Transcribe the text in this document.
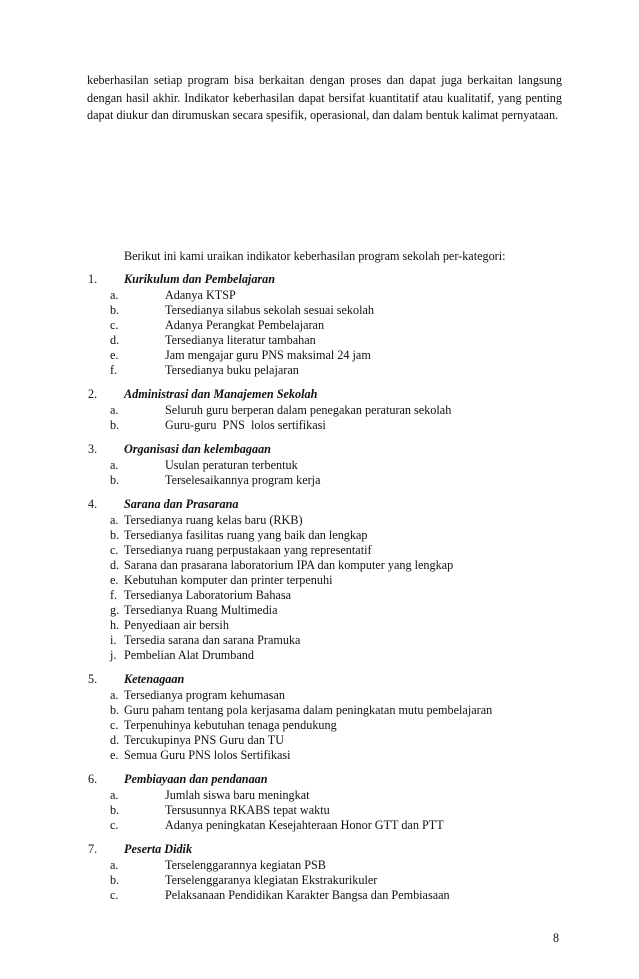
keberhasilan setiap program bisa berkaitan dengan proses dan dapat juga berkaitan langsung dengan hasil akhir. Indikator keberhasilan dapat bersifat kuantitatif atau kualitatif, yang penting dapat diukur dan dirumuskan secara spesifik, operasional, dan dalam bentuk kalimat pernyataan.

Berikut ini kami uraikan indikator keberhasilan program sekolah per-kategori:

1. Kurikulum dan Pembelajaran
a.	Adanya KTSP
b.	Tersedianya silabus sekolah sesuai sekolah
c.	Adanya Perangkat Pembelajaran
d.	Tersedianya literatur tambahan
e.	Jam mengajar guru PNS maksimal 24 jam
f.	Tersedianya buku pelajaran
2. Administrasi dan Manajemen Sekolah
a.	Seluruh guru berperan dalam penegakan peraturan sekolah
b.	Guru-guru  PNS  lolos sertifikasi
3. Organisasi dan kelembagaan
a.	Usulan peraturan terbentuk
b.	Terselesaikannya program kerja
4. Sarana dan Prasarana
a. Tersedianya ruang kelas baru (RKB)
b. Tersedianya fasilitas ruang yang baik dan lengkap
c. Tersedianya ruang perpustakaan yang representatif
d. Sarana dan prasarana laboratorium IPA dan komputer yang lengkap
e. Kebutuhan komputer dan printer terpenuhi
f. Tersedianya Laboratorium Bahasa
g. Tersedianya Ruang Multimedia
h. Penyediaan air bersih
i. Tersedia sarana dan sarana Pramuka
j. Pembelian Alat Drumband
5. Ketenagaan
a. Tersedianya program kehumasan
b. Guru paham tentang pola kerjasama dalam peningkatan mutu pembelajaran
c. Terpenuhinya kebutuhan tenaga pendukung
d. Tercukupinya PNS Guru dan TU
e. Semua Guru PNS lolos Sertifikasi
6. Pembiayaan dan pendanaan
a.	Jumlah siswa baru meningkat
b.	Tersusunnya RKABS tepat waktu
c.	Adanya peningkatan Kesejahteraan Honor GTT dan PTT
7. Peserta Didik
a.	Terselenggarannya kegiatan PSB
b.	Terselenggaranya klegiatan Ekstrakurikuler
c.	Pelaksanaan Pendidikan Karakter Bangsa dan Pembiasaan
8
